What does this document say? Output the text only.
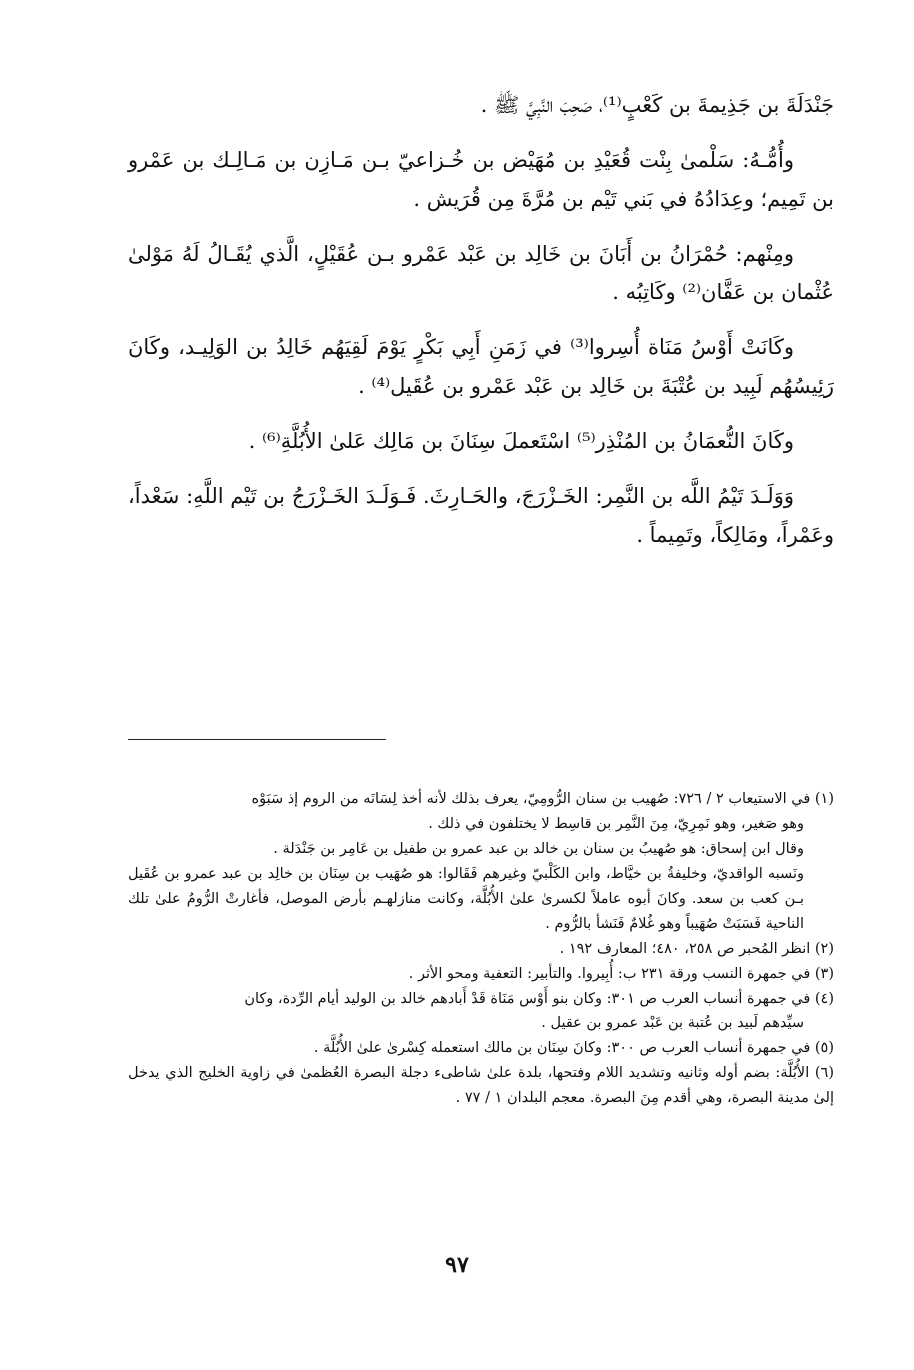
جَنْدَلَةَ بن جَذِيمةَ بن كَعْبٍ⁽¹⁾، صَحِبَ النَّبِيَّ ﷺ .

وأُمُّـهُ: سَلْمىٰ بِنْت قُعَيْدِ بن مُهَيْض بن خُـزاعيّ بـن مَـازِن بن مَـالِـك بن عَمْرو بن تَمِيم؛ وعِدَادُهُ في بَني تَيْم بن مُرَّةَ مِن قُرَيش .

ومِنْهم: حُمْرَانُ بن أَبَانَ بن خَالِد بن عَبْد عَمْرو بـن عُقَيْلٍ، الَّذي يُقَـالُ لَهُ مَوْلىٰ عُثْمان بن عَفَّان⁽²⁾ وكَاتِبُه .

وكَانَتْ أَوْسُ مَنَاة أُسِروا⁽³⁾ في زَمَنِ أَبِي بَكْرٍ يَوْمَ لَقِيَهُم خَالِدُ بن الوَلِيـد، وكَانَ رَئِيسُهُم لَبِيد بن عُتْبَةَ بن خَالِد بن عَبْد عَمْرو بن عُقَيل⁽⁴⁾ .

وكَانَ النُّعمَانُ بن المُنْذِر⁽⁵⁾ اسْتَعملَ سِنَانَ بن مَالِك عَلىٰ الأُبُلَّةِ⁽⁶⁾ .

وَوَلَـدَ تَيْمُ اللَّه بن النَّمِر: الخَـزْرَجَ، والحَـارِثَ. فَـوَلَـدَ الخَـزْرَجُ بن تَيْم اللَّهِ: سَعْداً، وعَمْراً، ومَالِكاً، وتَمِيماً .

(١) في الاستيعاب ٢ / ٧٢٦: صُهيب بن سنان الرُّومِيّ، يعرف بذلك لأنه أخذ لِسَانَه من الروم إذ سَبَوْه

وهو صَغير، وهو نَمِرِيّ، مِنَ النَّمِر بن قاسِط لا يختلفون في ذلك .

وقال ابن إسحاق: هو صُهيبُ بن سنان بن خالد بن عبد عمرو بن طفيل بن عَامِر بن جَنْدَلة .

ونَسبه الواقديّ، وخليفةُ بن خيَّاط، وابن الكَلْبيّ وغيرهم فَقَالوا: هو صُهَيب بن سِنَان بن خالِد بن عبد عمرو بن عُقَيل بـن كعب بن سعد. وكانَ أبوه عاملاً لكسرىٰ علىٰ الأُبُلَّة، وكانت منازلهـم بأرض الموصل، فأغارتْ الرُّومُ علىٰ تلك الناحية فَسَبَتْ صُهَيباً وهو غُلامٌ فَنَشأ بالرُّوم .

(٢) انظر المُحبر ص ٢٥٨، ٤٨٠؛ المعارف ١٩٢ .

(٣) في جمهرة النسب ورقة ٢٣١ ب: أُبِيروا. والتأبير: التعفية ومحو الأثر .

(٤) في جمهرة أنساب العرب ص ٣٠١: وكان بنو أَوْس مَنَاة قَدْ أَبادهم خالد بن الوليد أيام الرِّدة، وكان

سيِّدهم لَبيد بن عُتبة بن عَبْد عمرو بن عقيل .

(٥) في جمهرة أنساب العرب ص ٣٠٠: وكانَ سِنَان بن مالك استعمله كِسْرىٰ علىٰ الأُبُلَّة .

(٦) الأُبُلَّة: بضم أوله وثانيه وتشديد اللام وفتحها، بلدة علىٰ شاطىء دجلة البصرة العُظمىٰ في زاوية الخليج الذي يدخل إلىٰ مدينة البصرة، وهي أقدم مِنَ البصرة. معجم البلدان ١ / ٧٧ .

٩٧
